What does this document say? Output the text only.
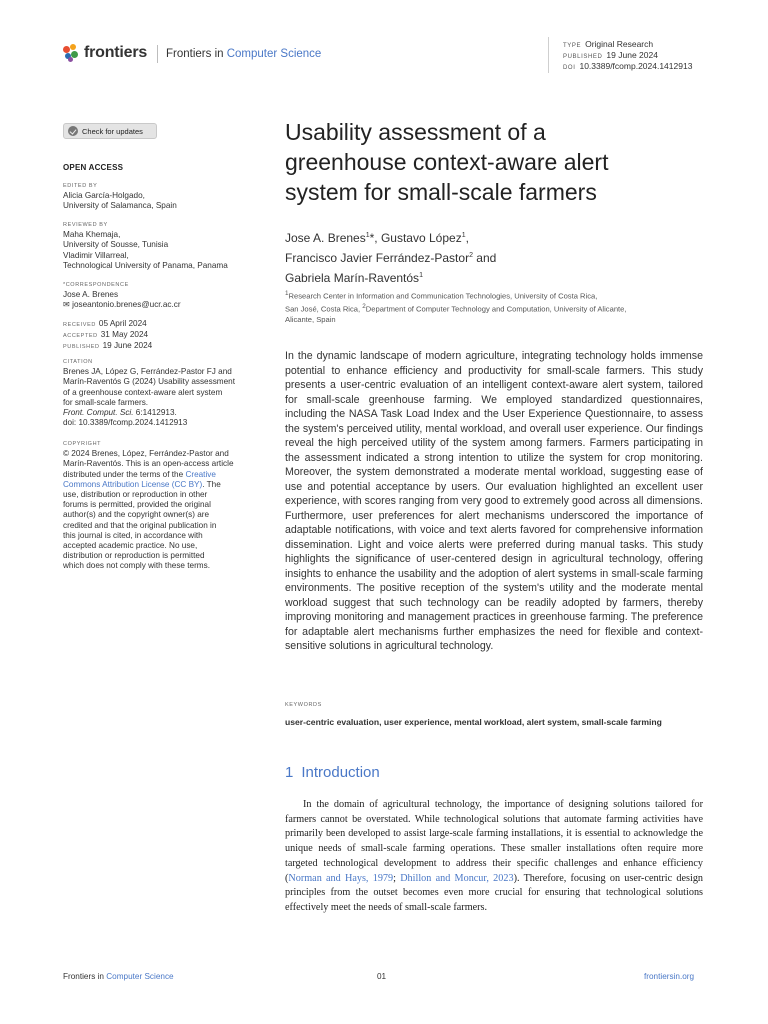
frontiers Frontiers in Computer Science
TYPE Original Research
PUBLISHED 19 June 2024
DOI 10.3389/fcomp.2024.1412913
Check for updates
OPEN ACCESS
EDITED BY
Alicia García-Holgado,
University of Salamanca, Spain
REVIEWED BY
Maha Khemaja,
University of Sousse, Tunisia
Vladimir Villarreal,
Technological University of Panama, Panama
*CORRESPONDENCE
Jose A. Brenes
✉ joseantonio.brenes@ucr.ac.cr
RECEIVED 05 April 2024
ACCEPTED 31 May 2024
PUBLISHED 19 June 2024
CITATION
Brenes JA, López G, Ferrández-Pastor FJ and
Marín-Raventós G (2024) Usability assessment
of a greenhouse context-aware alert system
for small-scale farmers.
Front. Comput. Sci. 6:1412913.
doi: 10.3389/fcomp.2024.1412913
COPYRIGHT
© 2024 Brenes, López, Ferrández-Pastor and
Marín-Raventós. This is an open-access article
distributed under the terms of the Creative
Commons Attribution License (CC BY). The
use, distribution or reproduction in other
forums is permitted, provided the original
author(s) and the copyright owner(s) are
credited and that the original publication in
this journal is cited, in accordance with
accepted academic practice. No use,
distribution or reproduction is permitted
which does not comply with these terms.
Usability assessment of a
greenhouse context-aware alert
system for small-scale farmers
Jose A. Brenes$^1$*, Gustavo López$^1$,
Francisco Javier Ferrández-Pastor$^2$ and
Gabriela Marín-Raventós$^1$
$^1$Research Center in Information and Communication Technologies, University of Costa Rica,
San José, Costa Rica, $^2$Department of Computer Technology and Computation, University of Alicante,
Alicante, Spain
In the dynamic landscape of modern agriculture, integrating technology holds immense potential to enhance efficiency and productivity for small-scale farmers. This study presents a user-centric evaluation of an intelligent context-aware alert system, tailored for small-scale greenhouse farming. We employed standardized questionnaires, including the NASA Task Load Index and the User Experience Questionnaire, to assess the system's perceived utility, mental workload, and overall user experience. Our findings reveal the high perceived utility of the system among farmers. Farmers participating in the assessment indicated a strong intention to utilize the system for crop monitoring. Moreover, the system demonstrated a moderate mental workload, suggesting ease of use and potential acceptance by users. Our evaluation highlighted an excellent user experience, with scores ranging from very good to extremely good across all dimensions. Furthermore, user preferences for alert mechanisms underscored the importance of adaptable notifications, with voice and text alerts favored for comprehensive information dissemination. Light and voice alerts were preferred during manual tasks. This study highlights the significance of user-centered design in agricultural technology, offering insights to enhance the usability and the adoption of alert systems in small-scale farming environments. The positive reception of the system's utility and the moderate mental workload suggest that such technology can be readily adopted by farmers, thereby improving monitoring and management practices in greenhouse farming. The preference for adaptable alert mechanisms further emphasizes the need for flexible and context-sensitive solutions in agricultural technology.
KEYWORDS
user-centric evaluation, user experience, mental workload, alert system, small-scale farming
1 Introduction
In the domain of agricultural technology, the importance of designing solutions tailored for farmers cannot be overstated. While technological solutions that automate farming activities have primarily been developed to assist large-scale farming installations, it is essential to acknowledge the unique needs of small-scale farming operations. These smaller installations often require more targeted technological development to address their specific challenges and enhance efficiency (Norman and Hays, 1979; Dhillon and Moncur, 2023). Therefore, focusing on user-centric design principles from the outset becomes even more crucial for ensuring that technological solutions effectively meet the needs of small-scale farmers.
Frontiers in Computer Science	01	frontiersin.org
